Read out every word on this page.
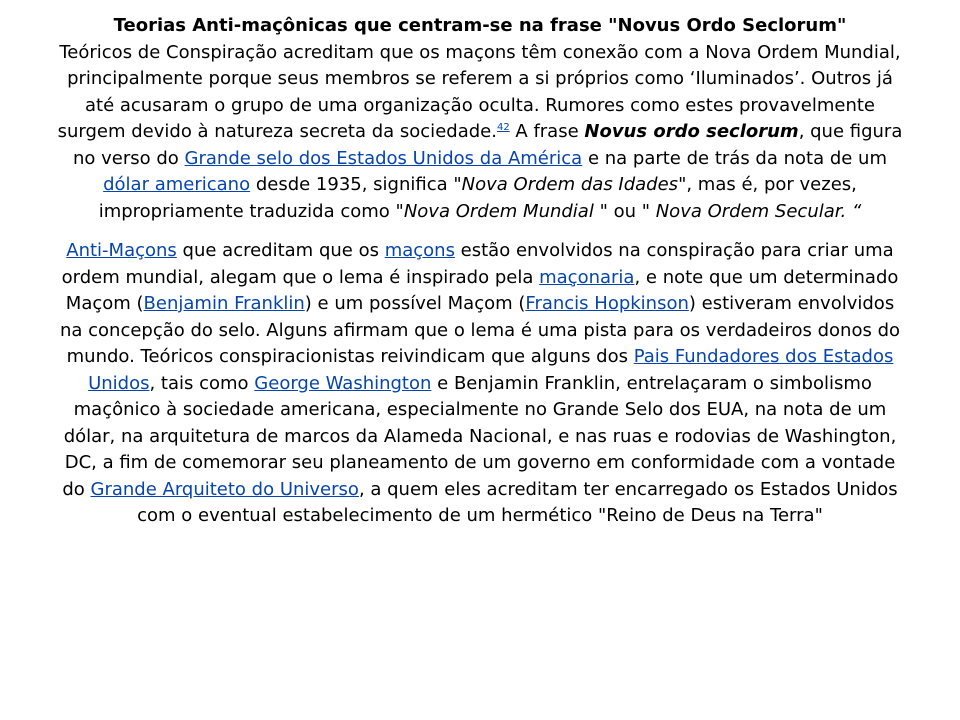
Teorias Anti-maçônicas que centram-se na frase "Novus Ordo Seclorum"
Teóricos de Conspiração acreditam que os maçons têm conexão com a Nova Ordem Mundial, principalmente porque seus membros se referem a si próprios como ‘Iluminados’. Outros já até acusaram o grupo de uma organização oculta. Rumores como estes provavelmente surgem devido à natureza secreta da sociedade.$^{42}$ A frase Novus ordo seclorum, que figura no verso do Grande selo dos Estados Unidos da América e na parte de trás da nota de um dólar americano desde 1935, significa "Nova Ordem das Idades", mas é, por vezes, impropriamente traduzida como "Nova Ordem Mundial " ou " Nova Ordem Secular. “

Anti-Maçons que acreditam que os maçons estão envolvidos na conspiração para criar uma ordem mundial, alegam que o lema é inspirado pela maçonaria, e note que um determinado Maçom (Benjamin Franklin) e um possível Maçom (Francis Hopkinson) estiveram envolvidos na concepção do selo. Alguns afirmam que o lema é uma pista para os verdadeiros donos do mundo. Teóricos conspiracionistas reivindicam que alguns dos Pais Fundadores dos Estados Unidos, tais como George Washington e Benjamin Franklin, entrelaçaram o simbolismo maçônico à sociedade americana, especialmente no Grande Selo dos EUA, na nota de um dólar, na arquitetura de marcos da Alameda Nacional, e nas ruas e rodovias de Washington, DC, a fim de comemorar seu planeamento de um governo em conformidade com a vontade do Grande Arquiteto do Universo, a quem eles acreditam ter encarregado os Estados Unidos com o eventual estabelecimento de um hermético "Reino de Deus na Terra"
